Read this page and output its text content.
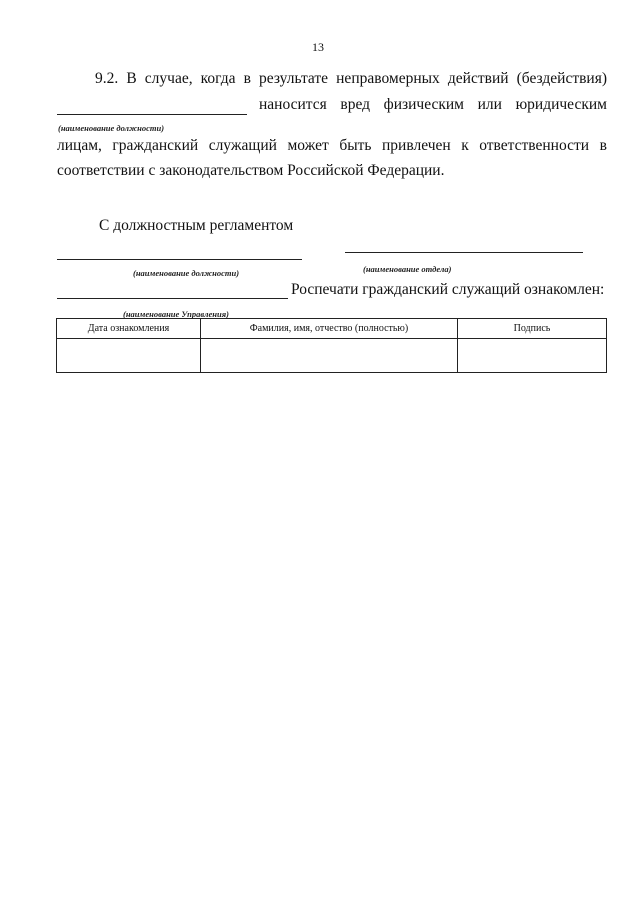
13
9.2. В случае, когда в результате неправомерных действий (бездействия)
наносится вред физическим или юридическим
(наименование должности)
лицам, гражданский служащий может быть привлечен к ответственности в
соответствии с законодательством Российской Федерации.
С должностным регламентом
(наименование должности)	(наименование отдела)
Роспечати гражданский служащий ознакомлен:
(наименование Управления)
Дата ознакомления	Фамилия, имя, отчество (полностью)	Подпись
